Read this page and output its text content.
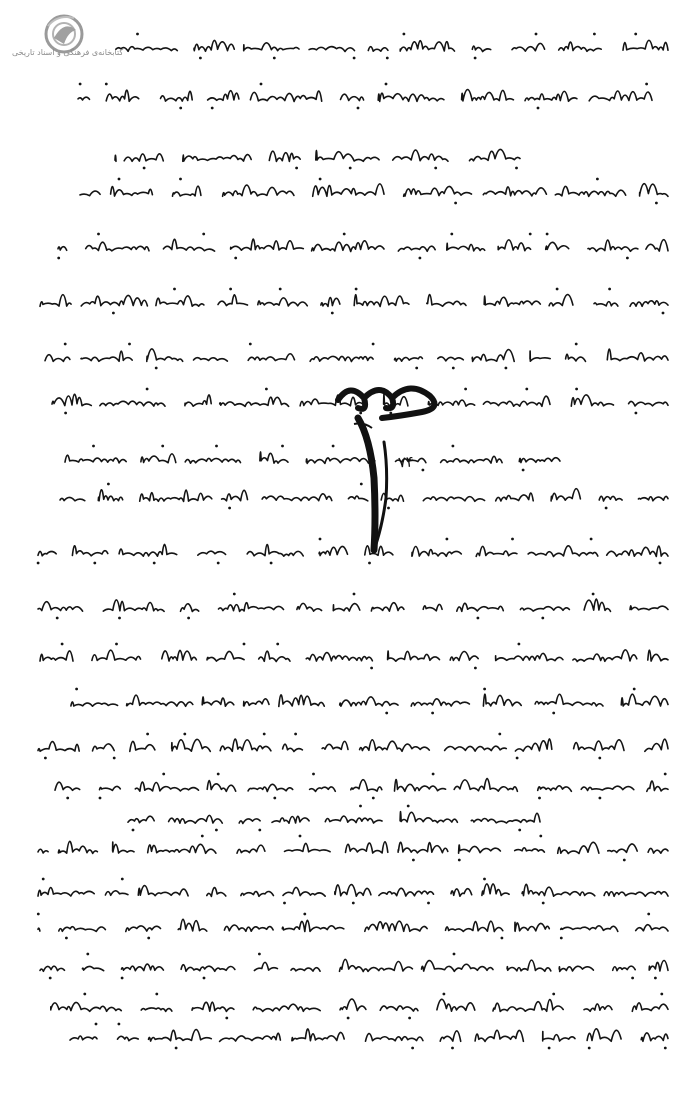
کتابخانه‌ی فرهنگی و اسناد تاریخی
۷۴
